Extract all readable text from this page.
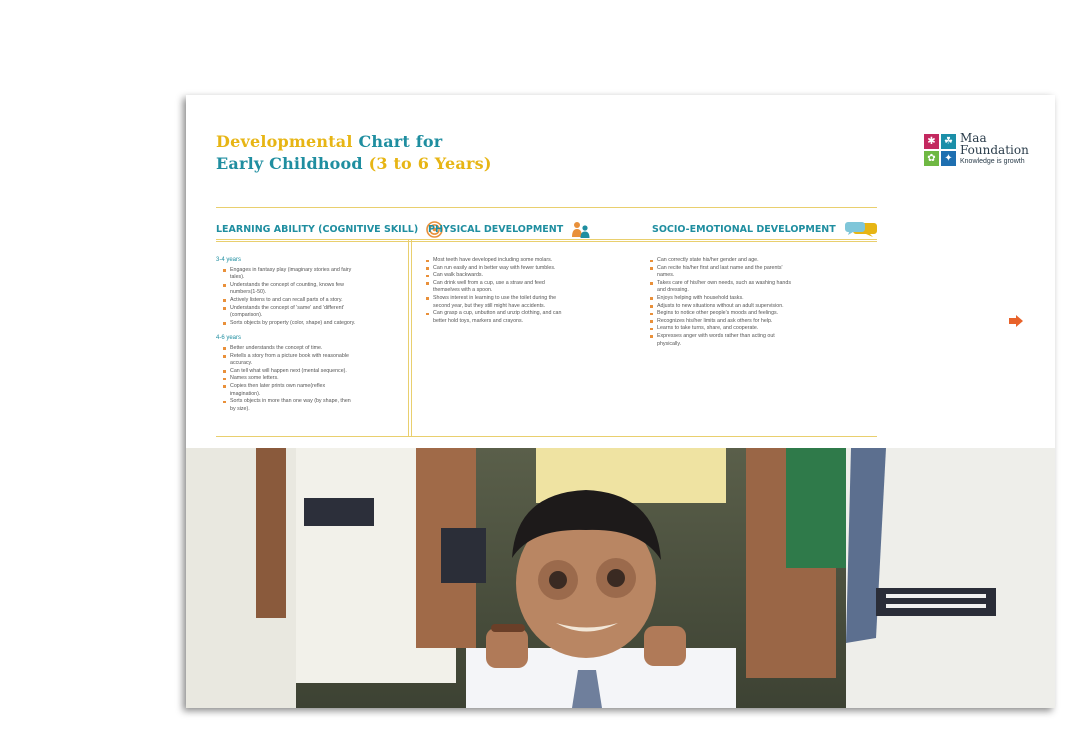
Developmental Chart for
Early Childhood (3 to 6 Years)
✱ ☘
✿ ✦
Maa
Foundation
Knowledge is growth
LEARNING ABILITY (COGNITIVE SKILL) PHYSICAL DEVELOPMENT	SOCIO-EMOTIONAL DEVELOPMENT
3-4 years
Engages in fantasy play (imaginary stories and fairy
tales).
Understands the concept of counting, knows few
numbers(1-50).
Actively listens to and can recall parts of a story.
Understands the concept of 'same' and 'different'
(comparison).
Sorts objects by property (color, shape) and category.
4-6 years
Better understands the concept of time.
Retells a story from a picture book with reasonable
accuracy.
Can tell what will happen next (mental sequence).
Names some letters.
Copies then later prints own name(reflex
imagination).
Sorts objects in more than one way (by shape, then
by size).
Most teeth have developed including some molars.
Can run easily and in better way with fewer tumbles.
Can walk backwards.
Can drink well from a cup, use a straw and feed
themselves with a spoon.
Shows interest in learning to use the toilet during the
second year, but they still might have accidents.
Can grasp a cup, unbutton and unzip clothing, and can
better hold toys, markers and crayons.
Can correctly state his/her gender and age.
Can recite his/her first and last name and the parents'
names.
Takes care of his/her own needs, such as washing hands
and dressing.
Enjoys helping with household tasks.
Adjusts to new situations without an adult supervision.
Begins to notice other people's moods and feelings.
Recognizes his/her limits and ask others for help.
Learns to take turns, share, and cooperate.
Expresses anger with words rather than acting out
physically.
